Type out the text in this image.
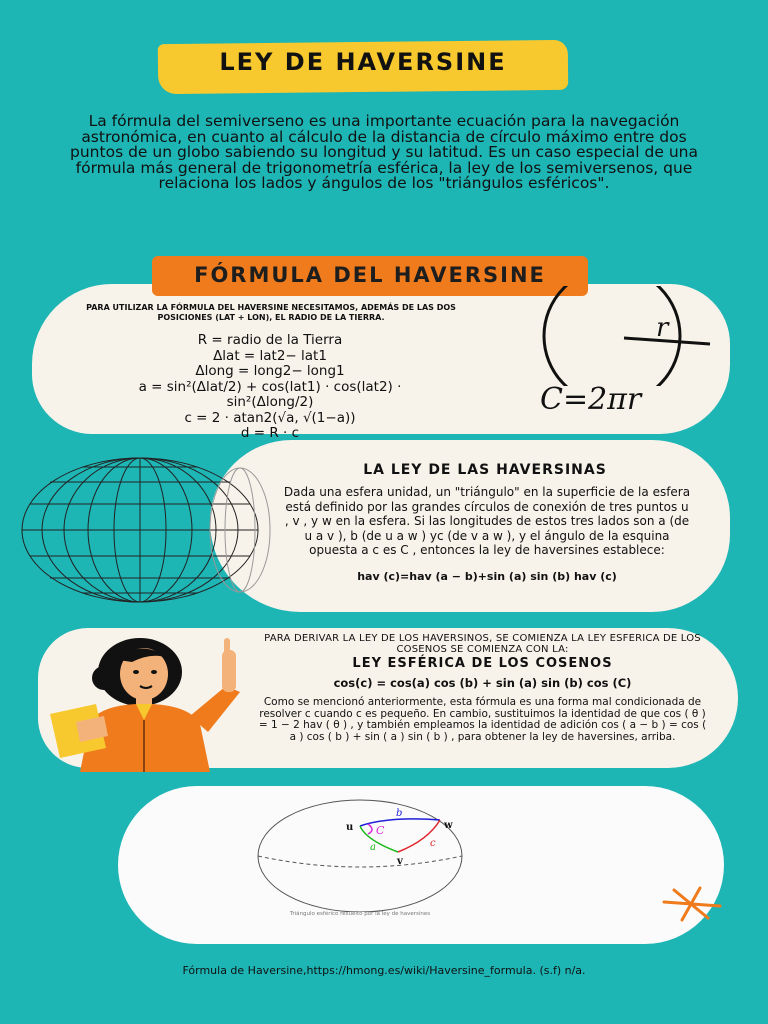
LEY DE HAVERSINE
La fórmula del semiverseno es una importante ecuación para la navegación astronómica, en cuanto al cálculo de la distancia de círculo máximo entre dos puntos de un globo sabiendo su longitud y su latitud. Es un caso especial de una fórmula más general de trigonometría esférica, la ley de los semiversenos, que relaciona los lados y ángulos de los "triángulos esféricos".
FÓRMULA DEL HAVERSINE
PARA UTILIZAR LA FÓRMULA DEL HAVERSINE NECESITAMOS, ADEMÁS DE LAS DOS POSICIONES (LAT + LON), EL RADIO DE LA TIERRA.
R = radio de la Tierra
Δlat = lat2− lat1
Δlong = long2− long1
a = sin²(Δlat/2) + cos(lat1) · cos(lat2) ·
sin²(Δlong/2)
c = 2 · atan2(√a, √(1−a))
d = R · c
r
C=2πr
LA LEY DE LAS HAVERSINAS
Dada una esfera unidad, un "triángulo" en la superficie de la esfera está definido por las grandes círculos de conexión de tres puntos u , v , y w en la esfera. Si las longitudes de estos tres lados son a (de u a v ), b (de u a w ) yc (de v a w ), y el ángulo de la esquina opuesta a c es C , entonces la ley de haversines establece:
hav (c)=hav (a − b)+sin (a) sin (b) hav (c)
PARA DERIVAR LA LEY DE LOS HAVERSINOS, SE COMIENZA LA LEY ESFERICA DE LOS COSENOS SE COMIENZA CON LA:
LEY ESFÉRICA DE LOS COSENOS
cos(c) = cos(a) cos (b) + sin (a) sin (b) cos (C)
Como se mencionó anteriormente, esta fórmula es una forma mal condicionada de resolver c cuando c es pequeño. En cambio, sustituimos la identidad de que cos ( θ ) = 1 − 2 hav ( θ ) , y también empleamos la identidad de adición cos ( a − b ) = cos ( a ) cos ( b ) + sin ( a ) sin ( b ) , para obtener la ley de haversines, arriba.
u
v
w
b
a	c
C
Triángulo esférico resuelto por la ley de haversines
Fórmula de Haversine,https://hmong.es/wiki/Haversine_formula. (s.f) n/a.
